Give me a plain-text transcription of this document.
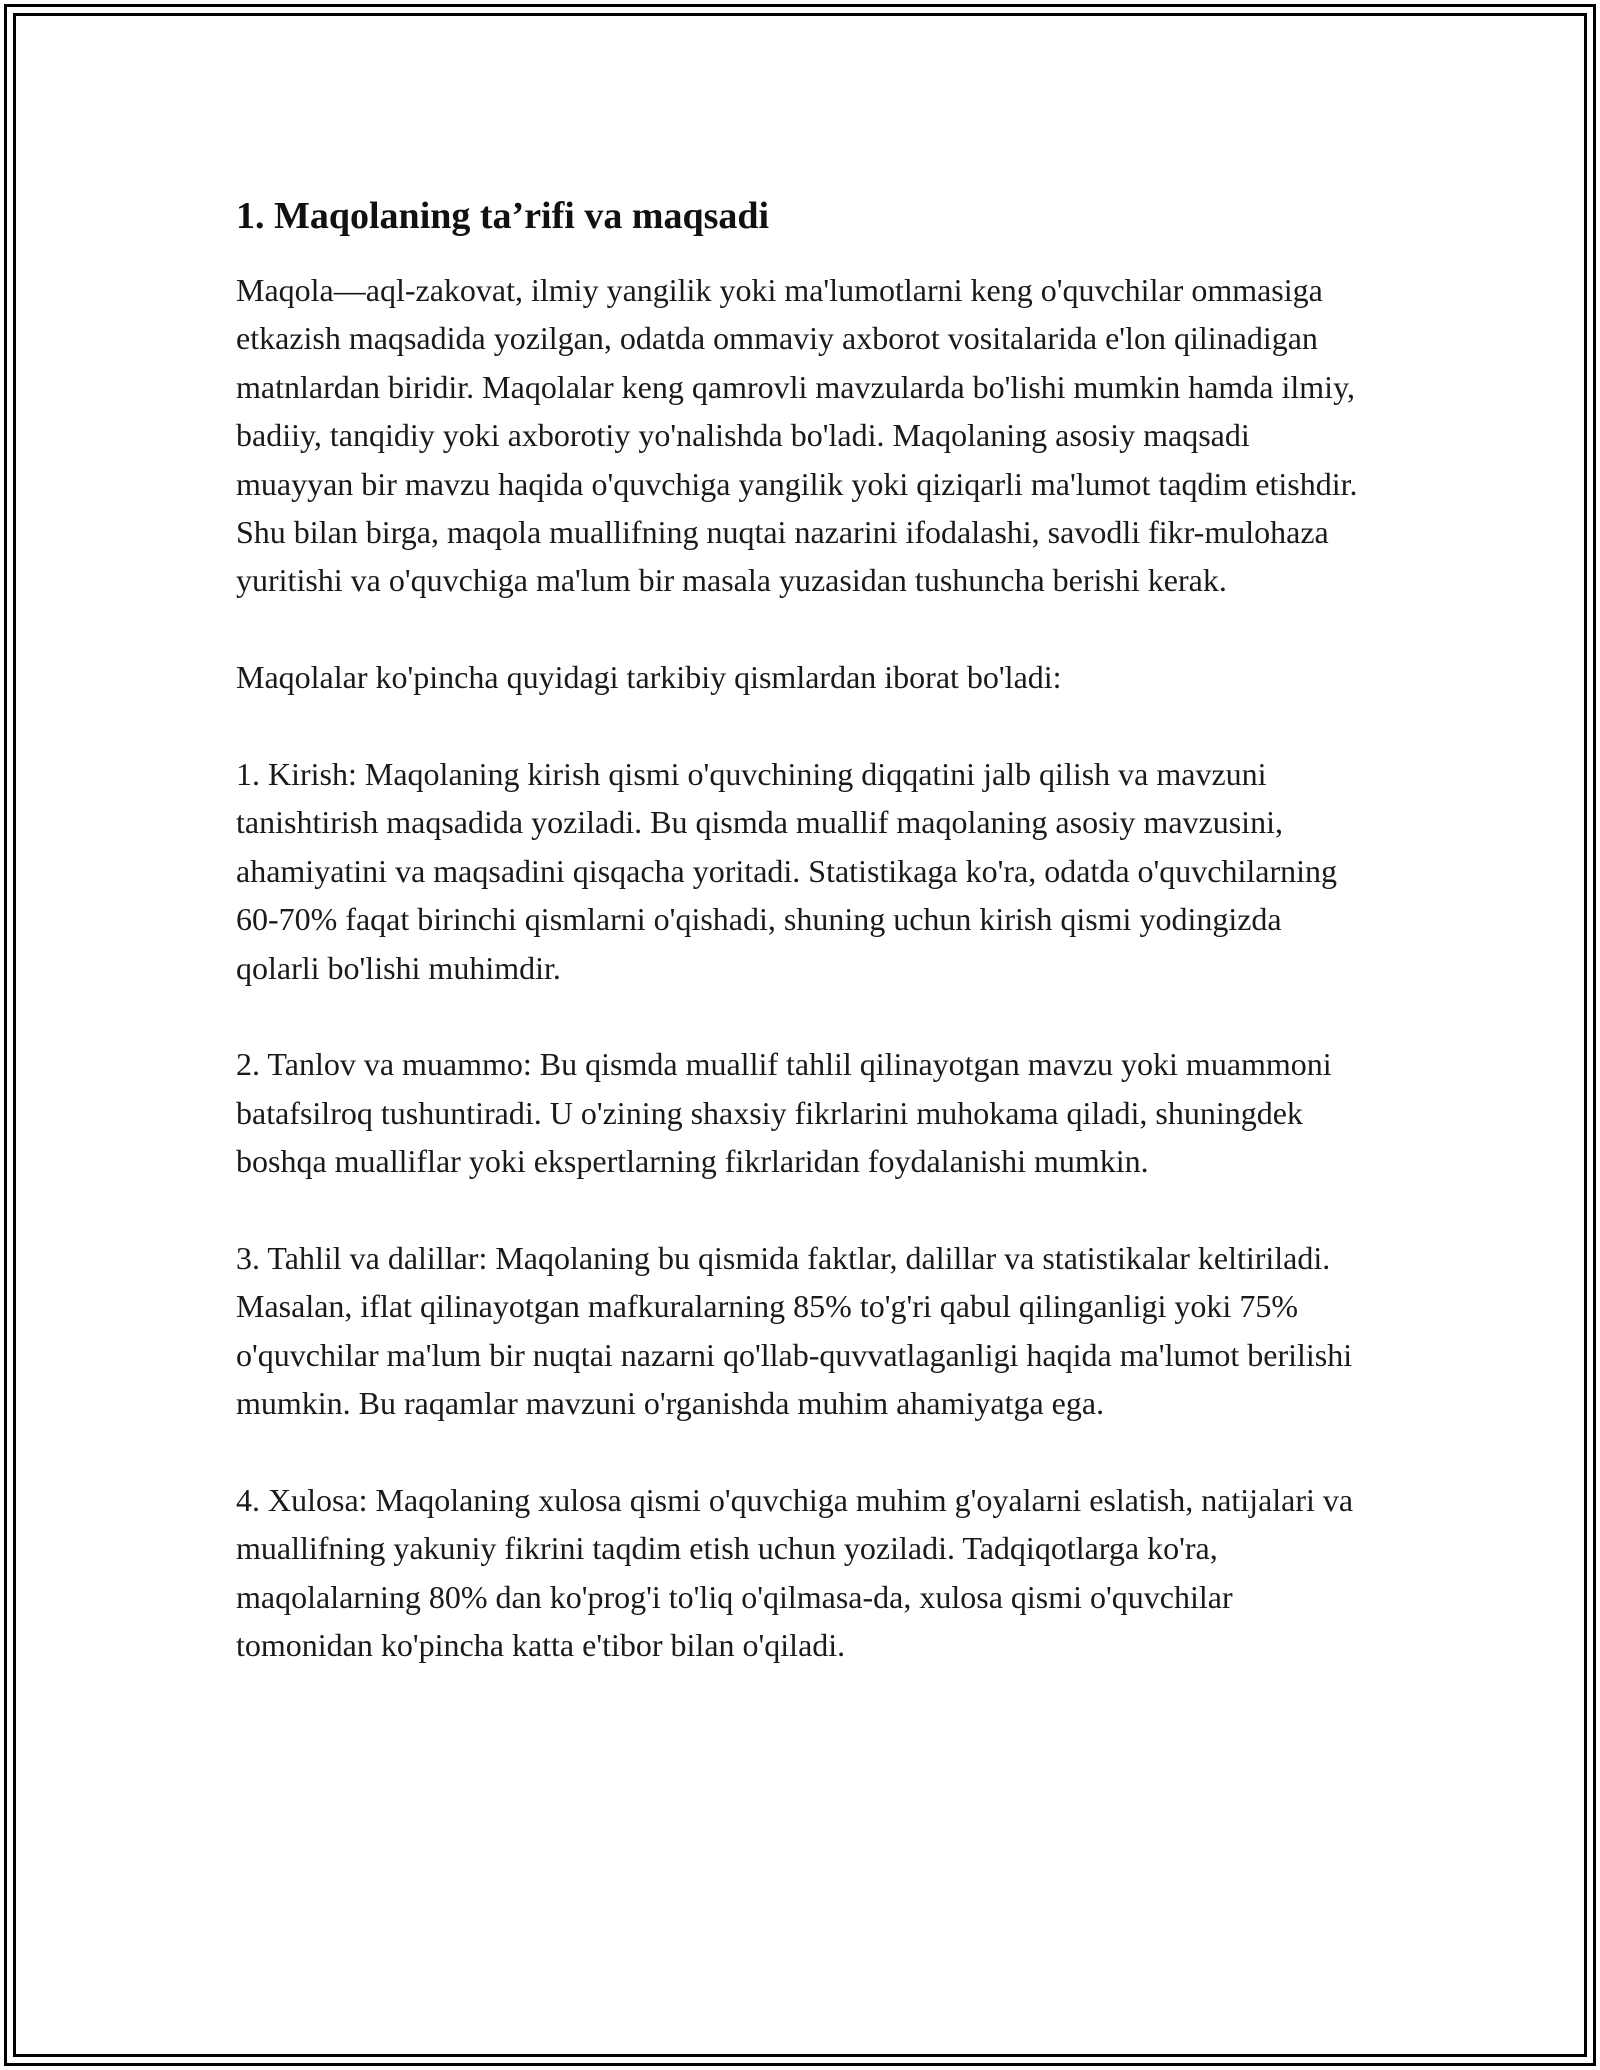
1. Maqolaning ta’rifi va maqsadi

Maqola—aql-zakovat, ilmiy yangilik yoki ma'lumotlarni keng o'quvchilar ommasiga etkazish maqsadida yozilgan, odatda ommaviy axborot vositalarida e'lon qilinadigan matnlardan biridir. Maqolalar keng qamrovli mavzularda bo'lishi mumkin hamda ilmiy, badiiy, tanqidiy yoki axborotiy yo'nalishda bo'ladi. Maqolaning asosiy maqsadi muayyan bir mavzu haqida o'quvchiga yangilik yoki qiziqarli ma'lumot taqdim etishdir. Shu bilan birga, maqola muallifning nuqtai nazarini ifodalashi, savodli fikr-mulohaza yuritishi va o'quvchiga ma'lum bir masala yuzasidan tushuncha berishi kerak.

Maqolalar ko'pincha quyidagi tarkibiy qismlardan iborat bo'ladi:

1. Kirish: Maqolaning kirish qismi o'quvchining diqqatini jalb qilish va mavzuni tanishtirish maqsadida yoziladi. Bu qismda muallif maqolaning asosiy mavzusini, ahamiyatini va maqsadini qisqacha yoritadi. Statistikaga ko'ra, odatda o'quvchilarning 60-70% faqat birinchi qismlarni o'qishadi, shuning uchun kirish qismi yodingizda qolarli bo'lishi muhimdir.

2. Tanlov va muammo: Bu qismda muallif tahlil qilinayotgan mavzu yoki muammoni batafsilroq tushuntiradi. U o'zining shaxsiy fikrlarini muhokama qiladi, shuningdek boshqa mualliflar yoki ekspertlarning fikrlaridan foydalanishi mumkin.

3. Tahlil va dalillar: Maqolaning bu qismida faktlar, dalillar va statistikalar keltiriladi. Masalan, iflat qilinayotgan mafkuralarning 85% to'g'ri qabul qilinganligi yoki 75% o'quvchilar ma'lum bir nuqtai nazarni qo'llab-quvvatlaganligi haqida ma'lumot berilishi mumkin. Bu raqamlar mavzuni o'rganishda muhim ahamiyatga ega.

4. Xulosa: Maqolaning xulosa qismi o'quvchiga muhim g'oyalarni eslatish, natijalari va muallifning yakuniy fikrini taqdim etish uchun yoziladi. Tadqiqotlarga ko'ra, maqolalarning 80% dan ko'prog'i to'liq o'qilmasa-da, xulosa qismi o'quvchilar tomonidan ko'pincha katta e'tibor bilan o'qiladi.
